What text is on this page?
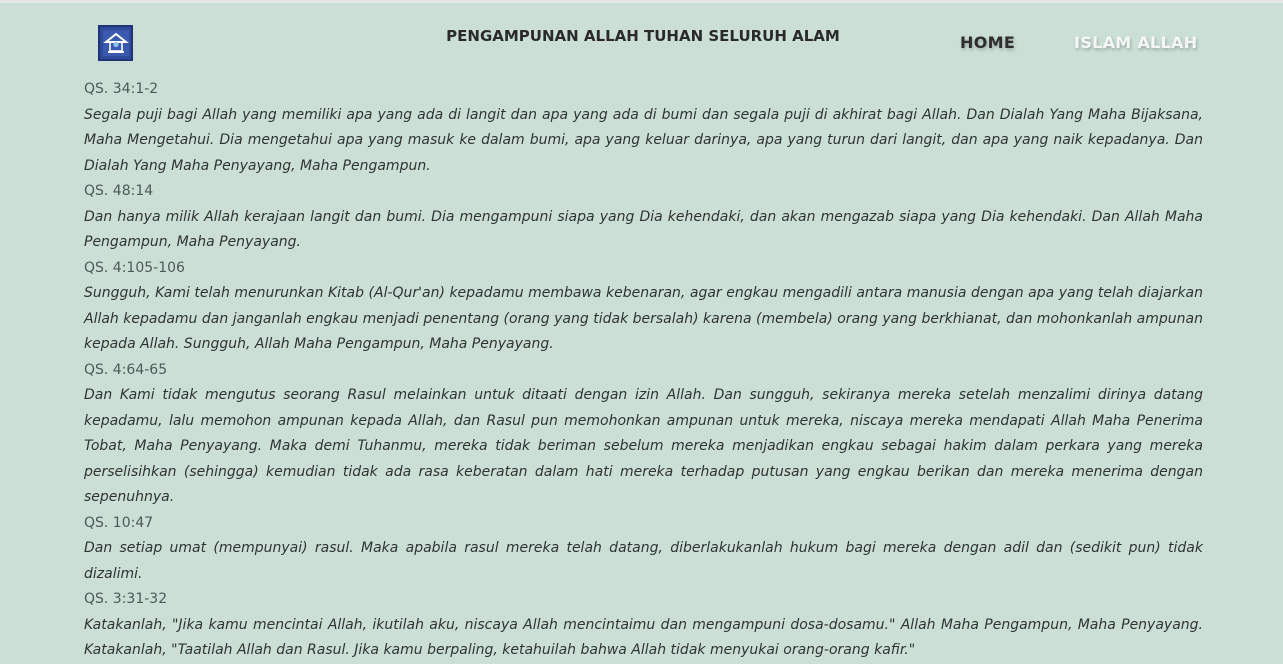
PENGAMPUNAN ALLAH TUHAN SELURUH ALAM	HOME	ISLAM ALLAH
QS. 34:1-2
Segala puji bagi Allah yang memiliki apa yang ada di langit dan apa yang ada di bumi dan segala puji di akhirat bagi Allah. Dan Dialah Yang Maha Bijaksana, Maha Mengetahui. Dia mengetahui apa yang masuk ke dalam bumi, apa yang keluar darinya, apa yang turun dari langit, dan apa yang naik kepadanya. Dan Dialah Yang Maha Penyayang, Maha Pengampun.
QS. 48:14
Dan hanya milik Allah kerajaan langit dan bumi. Dia mengampuni siapa yang Dia kehendaki, dan akan mengazab siapa yang Dia kehendaki. Dan Allah Maha Pengampun, Maha Penyayang.
QS. 4:105-106
Sungguh, Kami telah menurunkan Kitab (Al-Qur'an) kepadamu membawa kebenaran, agar engkau mengadili antara manusia dengan apa yang telah diajarkan Allah kepadamu dan janganlah engkau menjadi penentang (orang yang tidak bersalah) karena (membela) orang yang berkhianat, dan mohonkanlah ampunan kepada Allah. Sungguh, Allah Maha Pengampun, Maha Penyayang.
QS. 4:64-65
Dan Kami tidak mengutus seorang Rasul melainkan untuk ditaati dengan izin Allah. Dan sungguh, sekiranya mereka setelah menzalimi dirinya datang kepadamu, lalu memohon ampunan kepada Allah, dan Rasul pun memohonkan ampunan untuk mereka, niscaya mereka mendapati Allah Maha Penerima Tobat, Maha Penyayang. Maka demi Tuhanmu, mereka tidak beriman sebelum mereka menjadikan engkau sebagai hakim dalam perkara yang mereka perselisihkan (sehingga) kemudian tidak ada rasa keberatan dalam hati mereka terhadap putusan yang engkau berikan dan mereka menerima dengan sepenuhnya.
QS. 10:47
Dan setiap umat (mempunyai) rasul. Maka apabila rasul mereka telah datang, diberlakukanlah hukum bagi mereka dengan adil dan (sedikit pun) tidak dizalimi.
QS. 3:31-32
Katakanlah, "Jika kamu mencintai Allah, ikutilah aku, niscaya Allah mencintaimu dan mengampuni dosa-dosamu." Allah Maha Pengampun, Maha Penyayang. Katakanlah, "Taatilah Allah dan Rasul. Jika kamu berpaling, ketahuilah bahwa Allah tidak menyukai orang-orang kafir."
